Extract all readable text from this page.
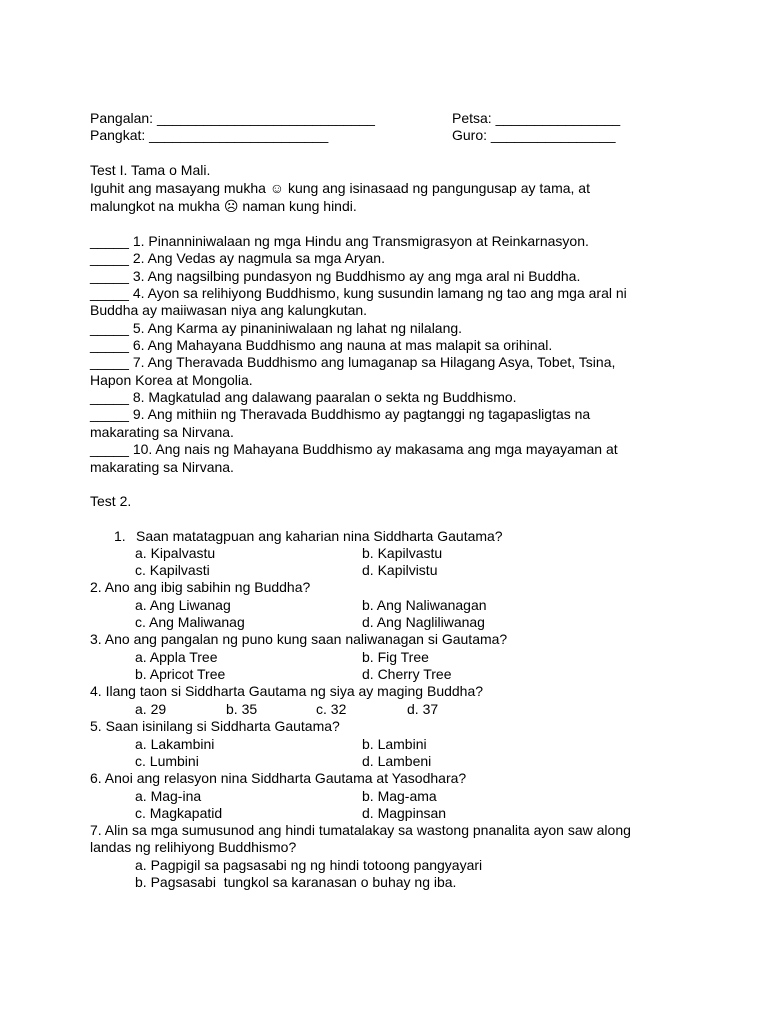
Pangalan: ____________________________	Petsa: ________________
Pangkat: _______________________	Guro: ________________
Test I. Tama o Mali.
Iguhit ang masayang mukha ☺ kung ang isinasaad ng pangungusap ay tama, at
malungkot na mukha ☹ naman kung hindi.
_____ 1. Pinanniniwalaan ng mga Hindu ang Transmigrasyon at Reinkarnasyon.
_____ 2. Ang Vedas ay nagmula sa mga Aryan.
_____ 3. Ang nagsilbing pundasyon ng Buddhismo ay ang mga aral ni Buddha.
_____ 4. Ayon sa relihiyong Buddhismo, kung susundin lamang ng tao ang mga aral ni
Buddha ay maiiwasan niya ang kalungkutan.
_____ 5. Ang Karma ay pinaniniwalaan ng lahat ng nilalang.
_____ 6. Ang Mahayana Buddhismo ang nauna at mas malapit sa orihinal.
_____ 7. Ang Theravada Buddhismo ang lumaganap sa Hilagang Asya, Tobet, Tsina,
Hapon Korea at Mongolia.
_____ 8. Magkatulad ang dalawang paaralan o sekta ng Buddhismo.
_____ 9. Ang mithiin ng Theravada Buddhismo ay pagtanggi ng tagapasligtas na
makarating sa Nirvana.
_____ 10. Ang nais ng Mahayana Buddhismo ay makasama ang mga mayayaman at
makarating sa Nirvana.
Test 2.
1. Saan matatagpuan ang kaharian nina Siddharta Gautama?
a. Kipalvastu	b. Kapilvastu
c. Kapilvasti	d. Kapilvistu
2. Ano ang ibig sabihin ng Buddha?
a. Ang Liwanag	b. Ang Naliwanagan
c. Ang Maliwanag	d. Ang Nagliliwanag
3. Ano ang pangalan ng puno kung saan naliwanagan si Gautama?
a. Appla Tree	b. Fig Tree
b. Apricot Tree	d. Cherry Tree
4. Ilang taon si Siddharta Gautama ng siya ay maging Buddha?
a. 29	b. 35	c. 32	d. 37
5. Saan isinilang si Siddharta Gautama?
a. Lakambini	b. Lambini
c. Lumbini	d. Lambeni
6. Anoi ang relasyon nina Siddharta Gautama at Yasodhara?
a. Mag-ina	b. Mag-ama
c. Magkapatid	d. Magpinsan
7. Alin sa mga sumusunod ang hindi tumatalakay sa wastong pnanalita ayon saw along
landas ng relihiyong Buddhismo?
a. Pagpigil sa pagsasabi ng ng hindi totoong pangyayari
b. Pagsasabi  tungkol sa karanasan o buhay ng iba.
